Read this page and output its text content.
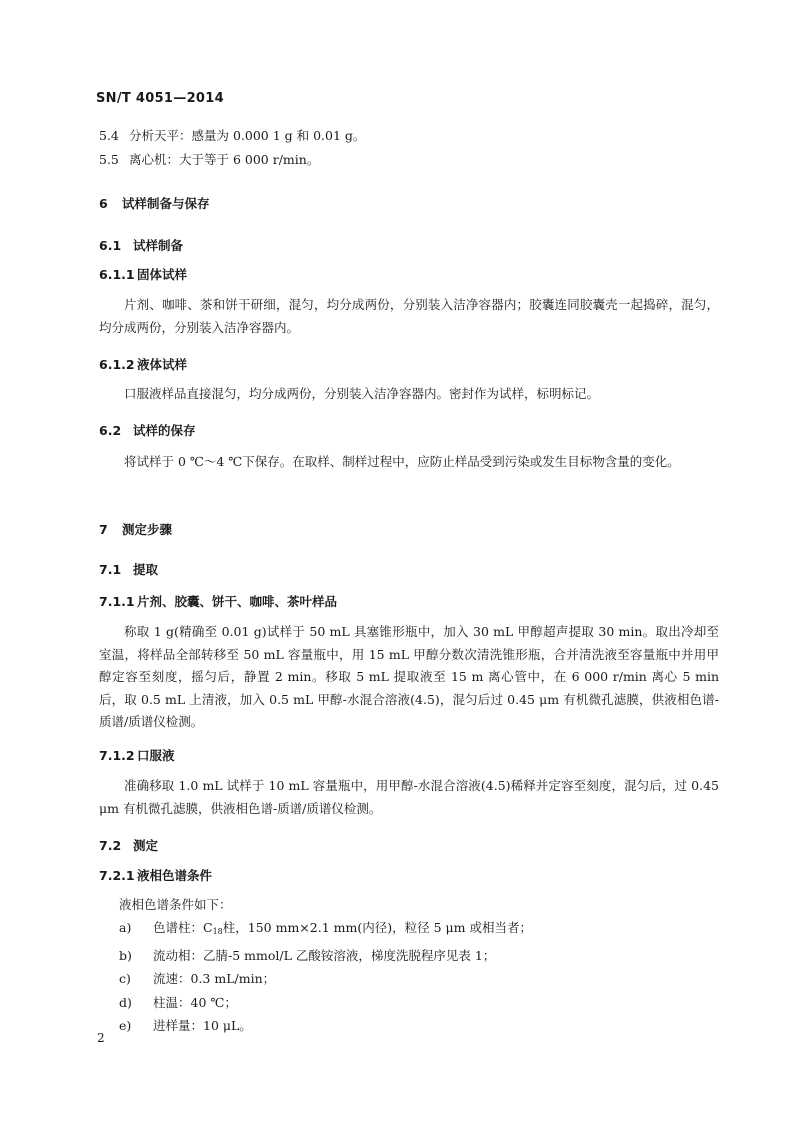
SN/T 4051—2014
5.4 分析天平：感量为 0.000 1 g 和 0.01 g。
5.5 离心机：大于等于 6 000 r/min。
6 试样制备与保存
6.1 试样制备
6.1.1 固体试样
片剂、咖啡、茶和饼干研细，混匀，均分成两份，分别装入洁净容器内；胶囊连同胶囊壳一起捣碎，混匀，均分成两份，分别装入洁净容器内。
6.1.2 液体试样
口服液样品直接混匀，均分成两份，分别装入洁净容器内。密封作为试样，标明标记。
6.2 试样的保存
将试样于 0 ℃～4 ℃下保存。在取样、制样过程中，应防止样品受到污染或发生目标物含量的变化。
7 测定步骤
7.1 提取
7.1.1 片剂、胶囊、饼干、咖啡、茶叶样品
称取 1 g(精确至 0.01 g)试样于 50 mL 具塞锥形瓶中，加入 30 mL 甲醇超声提取 30 min。取出冷却至室温，将样品全部转移至 50 mL 容量瓶中，用 15 mL 甲醇分数次清洗锥形瓶，合并清洗液至容量瓶中并用甲醇定容至刻度，摇匀后，静置 2 min。移取 5 mL 提取液至 15 m 离心管中，在 6 000 r/min 离心 5 min 后，取 0.5 mL 上清液，加入 0.5 mL 甲醇-水混合溶液(4.5)，混匀后过 0.45 μm 有机微孔滤膜，供液相色谱-质谱/质谱仪检测。
7.1.2 口服液
准确移取 1.0 mL 试样于 10 mL 容量瓶中，用甲醇-水混合溶液(4.5)稀释并定容至刻度，混匀后，过 0.45 μm 有机微孔滤膜，供液相色谱-质谱/质谱仪检测。
7.2 测定
7.2.1 液相色谱条件
液相色谱条件如下：
a) 色谱柱：$C_{18}$柱，150 mm×2.1 mm(内径)，粒径 5 μm 或相当者；
b) 流动相：乙腈-5 mmol/L 乙酸铵溶液，梯度洗脱程序见表 1；
c) 流速：0.3 mL/min；
d) 柱温：40 ℃；
e) 进样量：10 μL。
2
